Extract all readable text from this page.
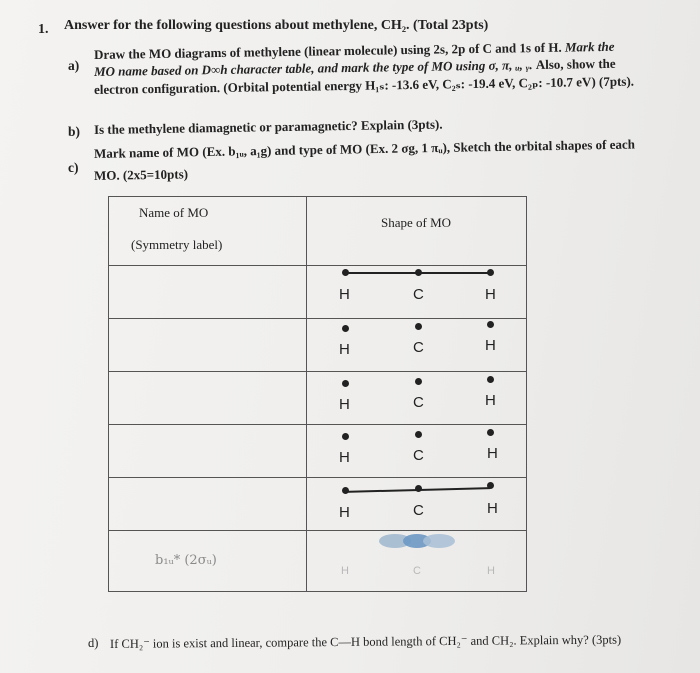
1. Answer for the following questions about methylene, CH₂. (Total 23pts)
a)
Draw the MO diagrams of methylene (linear molecule) using 2s, 2p of C and 1s of H. Mark the
MO name based on D∞h character table, and mark the type of MO using σ, π, ᵤ, ᵧ. Also, show the
electron configuration. (Orbital potential energy H₁ₛ: -13.6 eV, C₂ₛ: -19.4 eV, C₂ₚ: -10.7 eV) (7pts).
b) Is the methylene diamagnetic or paramagnetic? Explain (3pts).
c)
Mark name of MO (Ex. b₁ᵤ, a₁g) and type of MO (Ex. 2 σg, 1 πᵤ), Sketch the orbital shapes of each
MO. (2x5=10pts)
Name of MO
(Symmetry label)	Shape of MO

	H C H

	H C H

	H C H

	H C H

	H C H

b₁ᵤ* (2σᵤ)	H C H
d) If CH₂⁻ ion is exist and linear, compare the C—H bond length of CH₂⁻ and CH₂. Explain why? (3pts)
